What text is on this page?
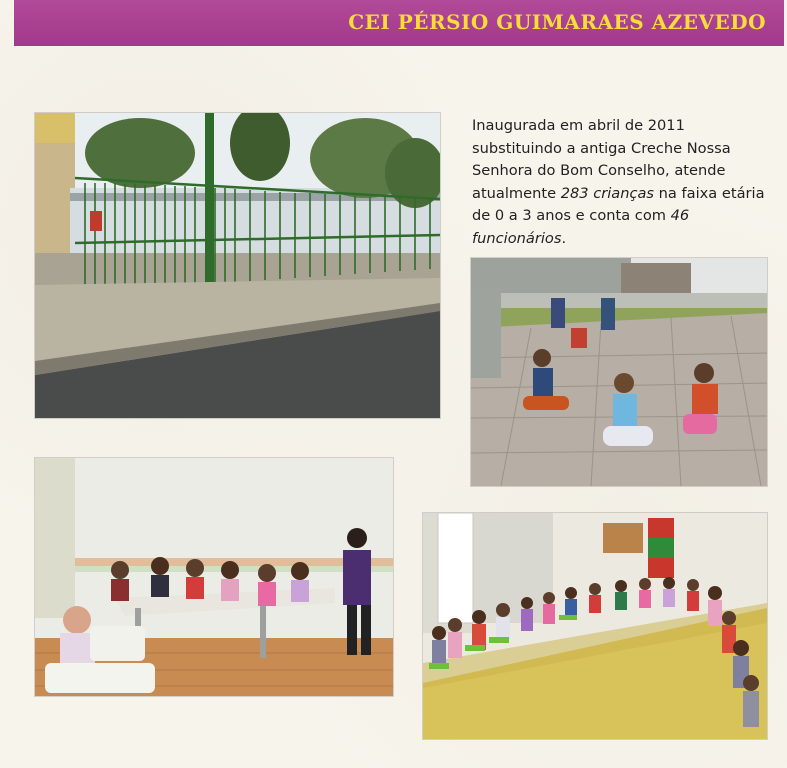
CEI PÉRSIO GUIMARAES AZEVEDO

Inaugurada em abril de 2011 substituindo a antiga Creche Nossa Senhora do Bom Conselho, atende atualmente 283 crianças na faixa etária de 0 a 3 anos e conta com 46 funcionários.
